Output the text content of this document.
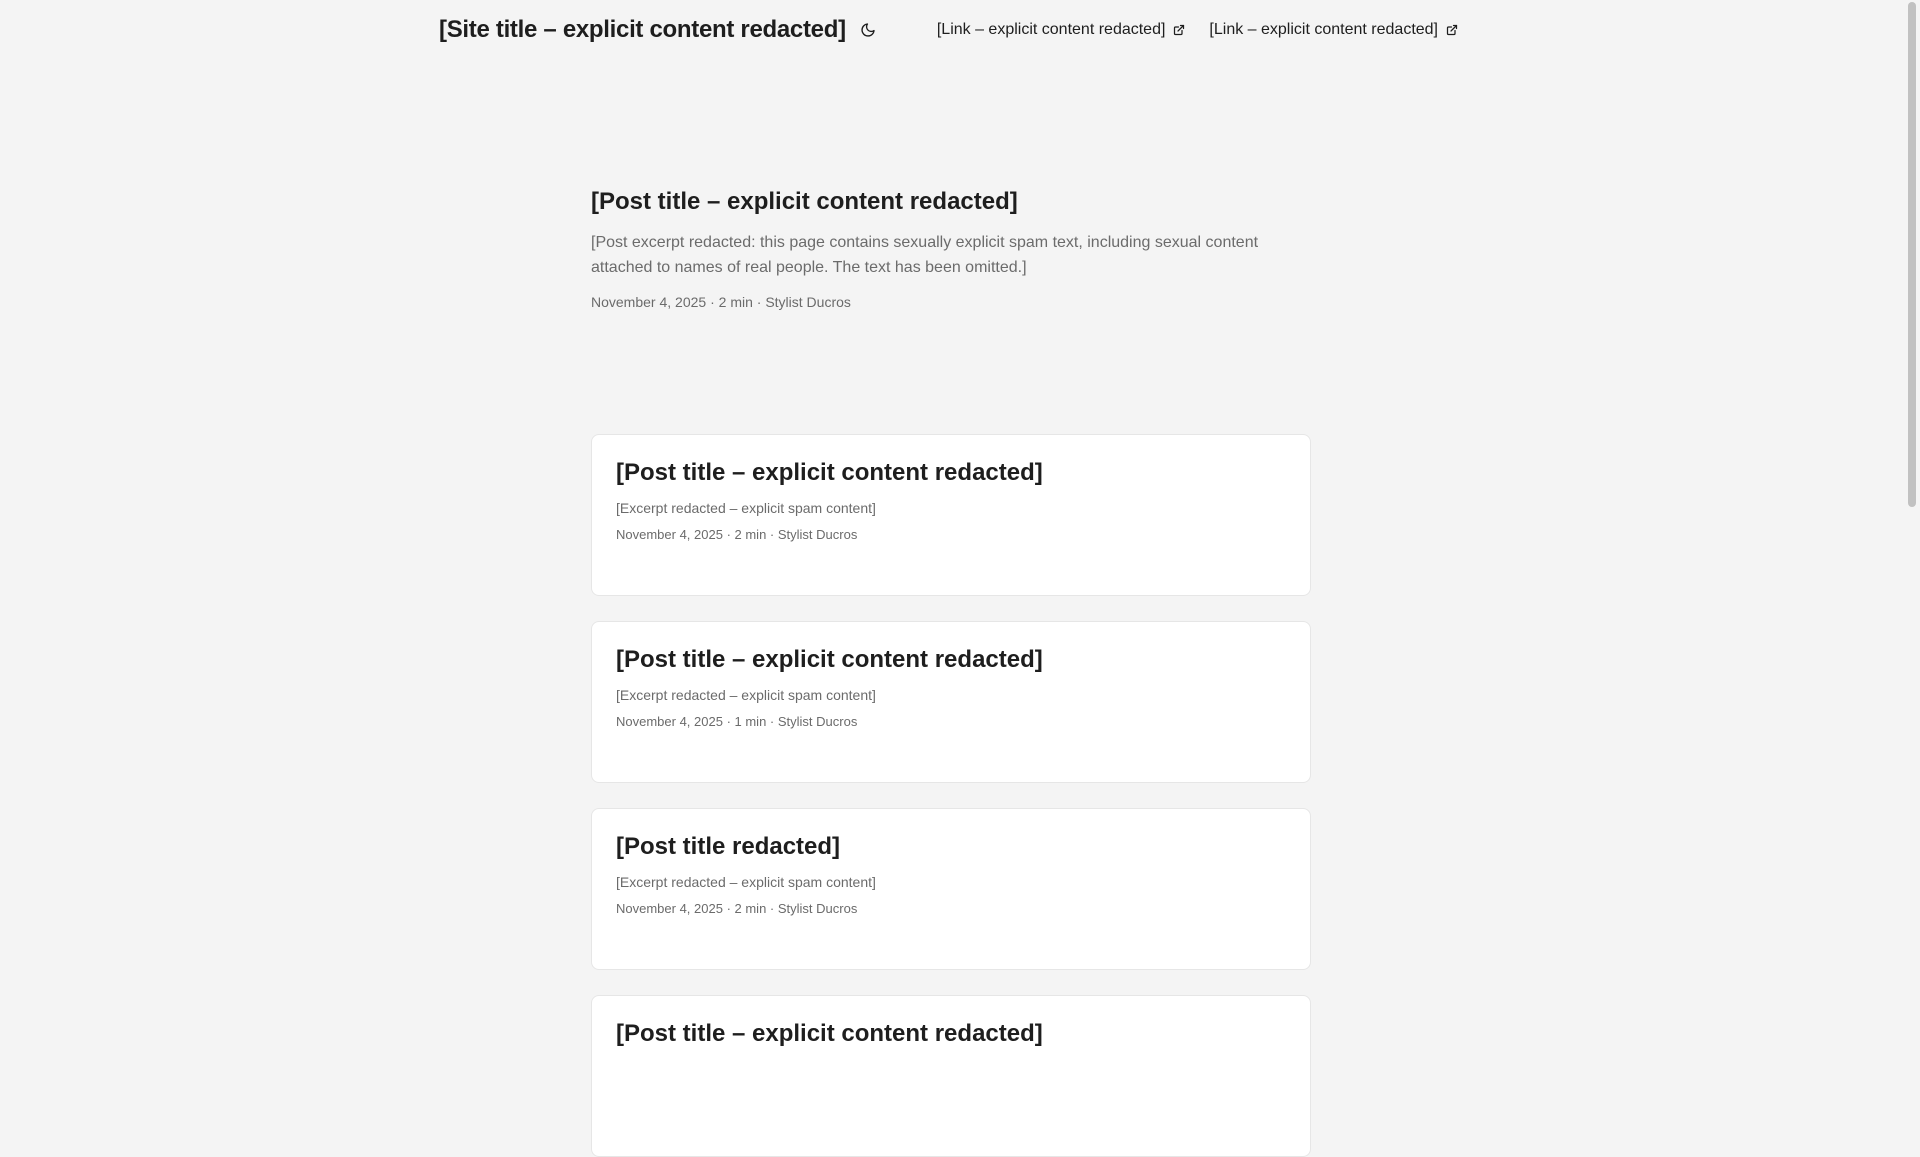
[Site title – explicit content redacted]	[Link – explicit content redacted]	[Link – explicit content redacted]
[Post title – explicit content redacted]

[Post excerpt redacted: this page contains sexually explicit spam text, including sexual content attached to names of real people. The text has been omitted.]

November 4, 2025 · 2 min · Stylist Ducros
[Post title – explicit content redacted]

[Excerpt redacted – explicit spam content]

November 4, 2025 · 2 min · Stylist Ducros
[Post title – explicit content redacted]

[Excerpt redacted – explicit spam content]

November 4, 2025 · 1 min · Stylist Ducros
[Post title redacted]

[Excerpt redacted – explicit spam content]

November 4, 2025 · 2 min · Stylist Ducros
[Post title – explicit content redacted]
